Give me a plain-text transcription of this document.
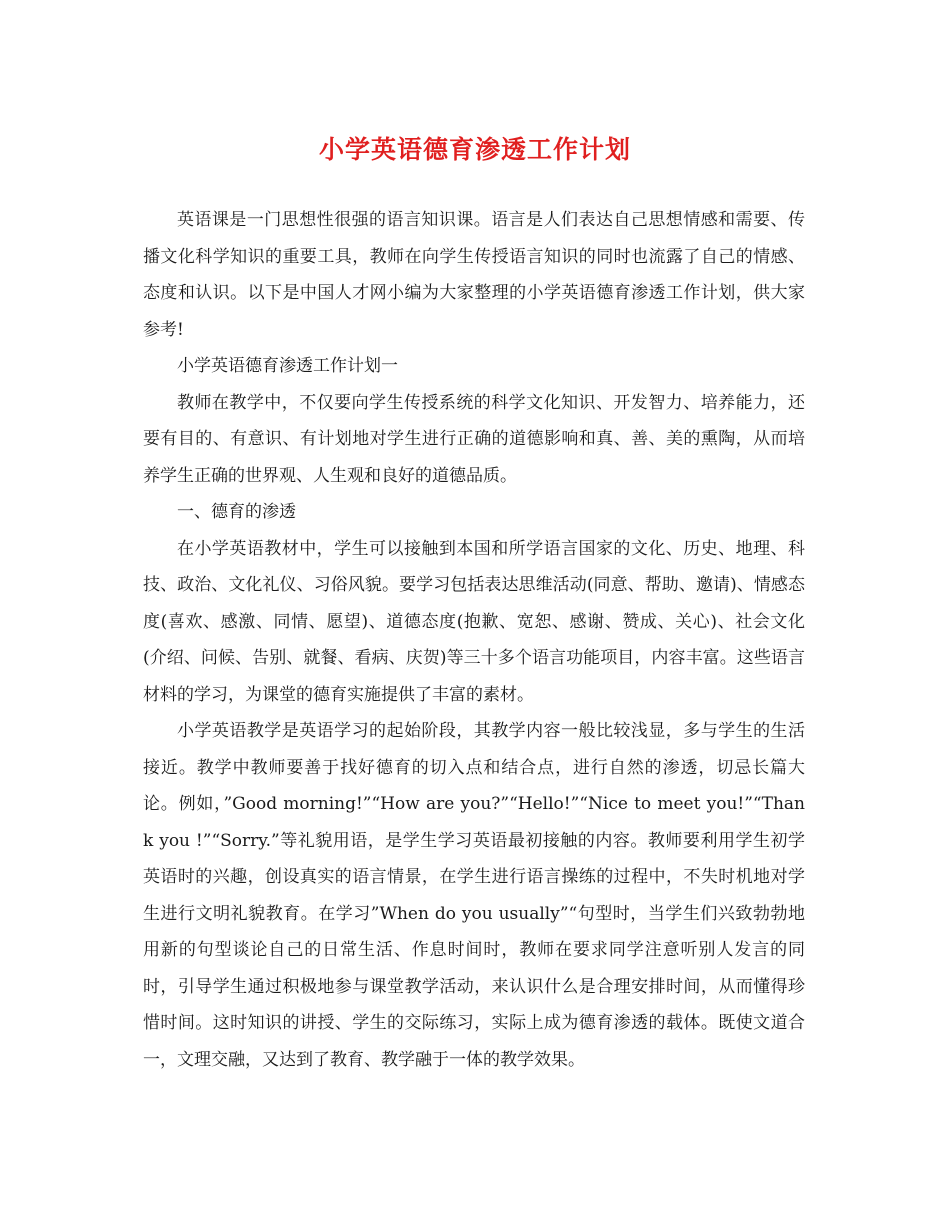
小学英语德育渗透工作计划

英语课是一门思想性很强的语言知识课。语言是人们表达自己思想情感和需要、传播文化科学知识的重要工具，教师在向学生传授语言知识的同时也流露了自己的情感、态度和认识。以下是中国人才网小编为大家整理的小学英语德育渗透工作计划，供大家参考!

小学英语德育渗透工作计划一

教师在教学中，不仅要向学生传授系统的科学文化知识、开发智力、培养能力，还要有目的、有意识、有计划地对学生进行正确的道德影响和真、善、美的熏陶，从而培养学生正确的世界观、人生观和良好的道德品质。

一、德育的渗透

在小学英语教材中，学生可以接触到本国和所学语言国家的文化、历史、地理、科技、政治、文化礼仪、习俗风貌。要学习包括表达思维活动(同意、帮助、邀请)、情感态度(喜欢、感激、同情、愿望)、道德态度(抱歉、宽恕、感谢、赞成、关心)、社会文化(介绍、问候、告别、就餐、看病、庆贺)等三十多个语言功能项目，内容丰富。这些语言材料的学习，为课堂的德育实施提供了丰富的素材。

小学英语教学是英语学习的起始阶段，其教学内容一般比较浅显，多与学生的生活接近。教学中教师要善于找好德育的切入点和结合点，进行自然的渗透，切忌长篇大论。例如，”Good morning!”“How are you?”“Hello!”“Nice to meet you!”“Thank you !”“Sorry.”等礼貌用语，是学生学习英语最初接触的内容。教师要利用学生初学英语时的兴趣，创设真实的语言情景，在学生进行语言操练的过程中，不失时机地对学生进行文明礼貌教育。在学习”When do you usually”“句型时，当学生们兴致勃勃地用新的句型谈论自己的日常生活、作息时间时，教师在要求同学注意听别人发言的同时，引导学生通过积极地参与课堂教学活动，来认识什么是合理安排时间，从而懂得珍惜时间。这时知识的讲授、学生的交际练习，实际上成为德育渗透的载体。既使文道合一，文理交融，又达到了教育、教学融于一体的教学效果。
